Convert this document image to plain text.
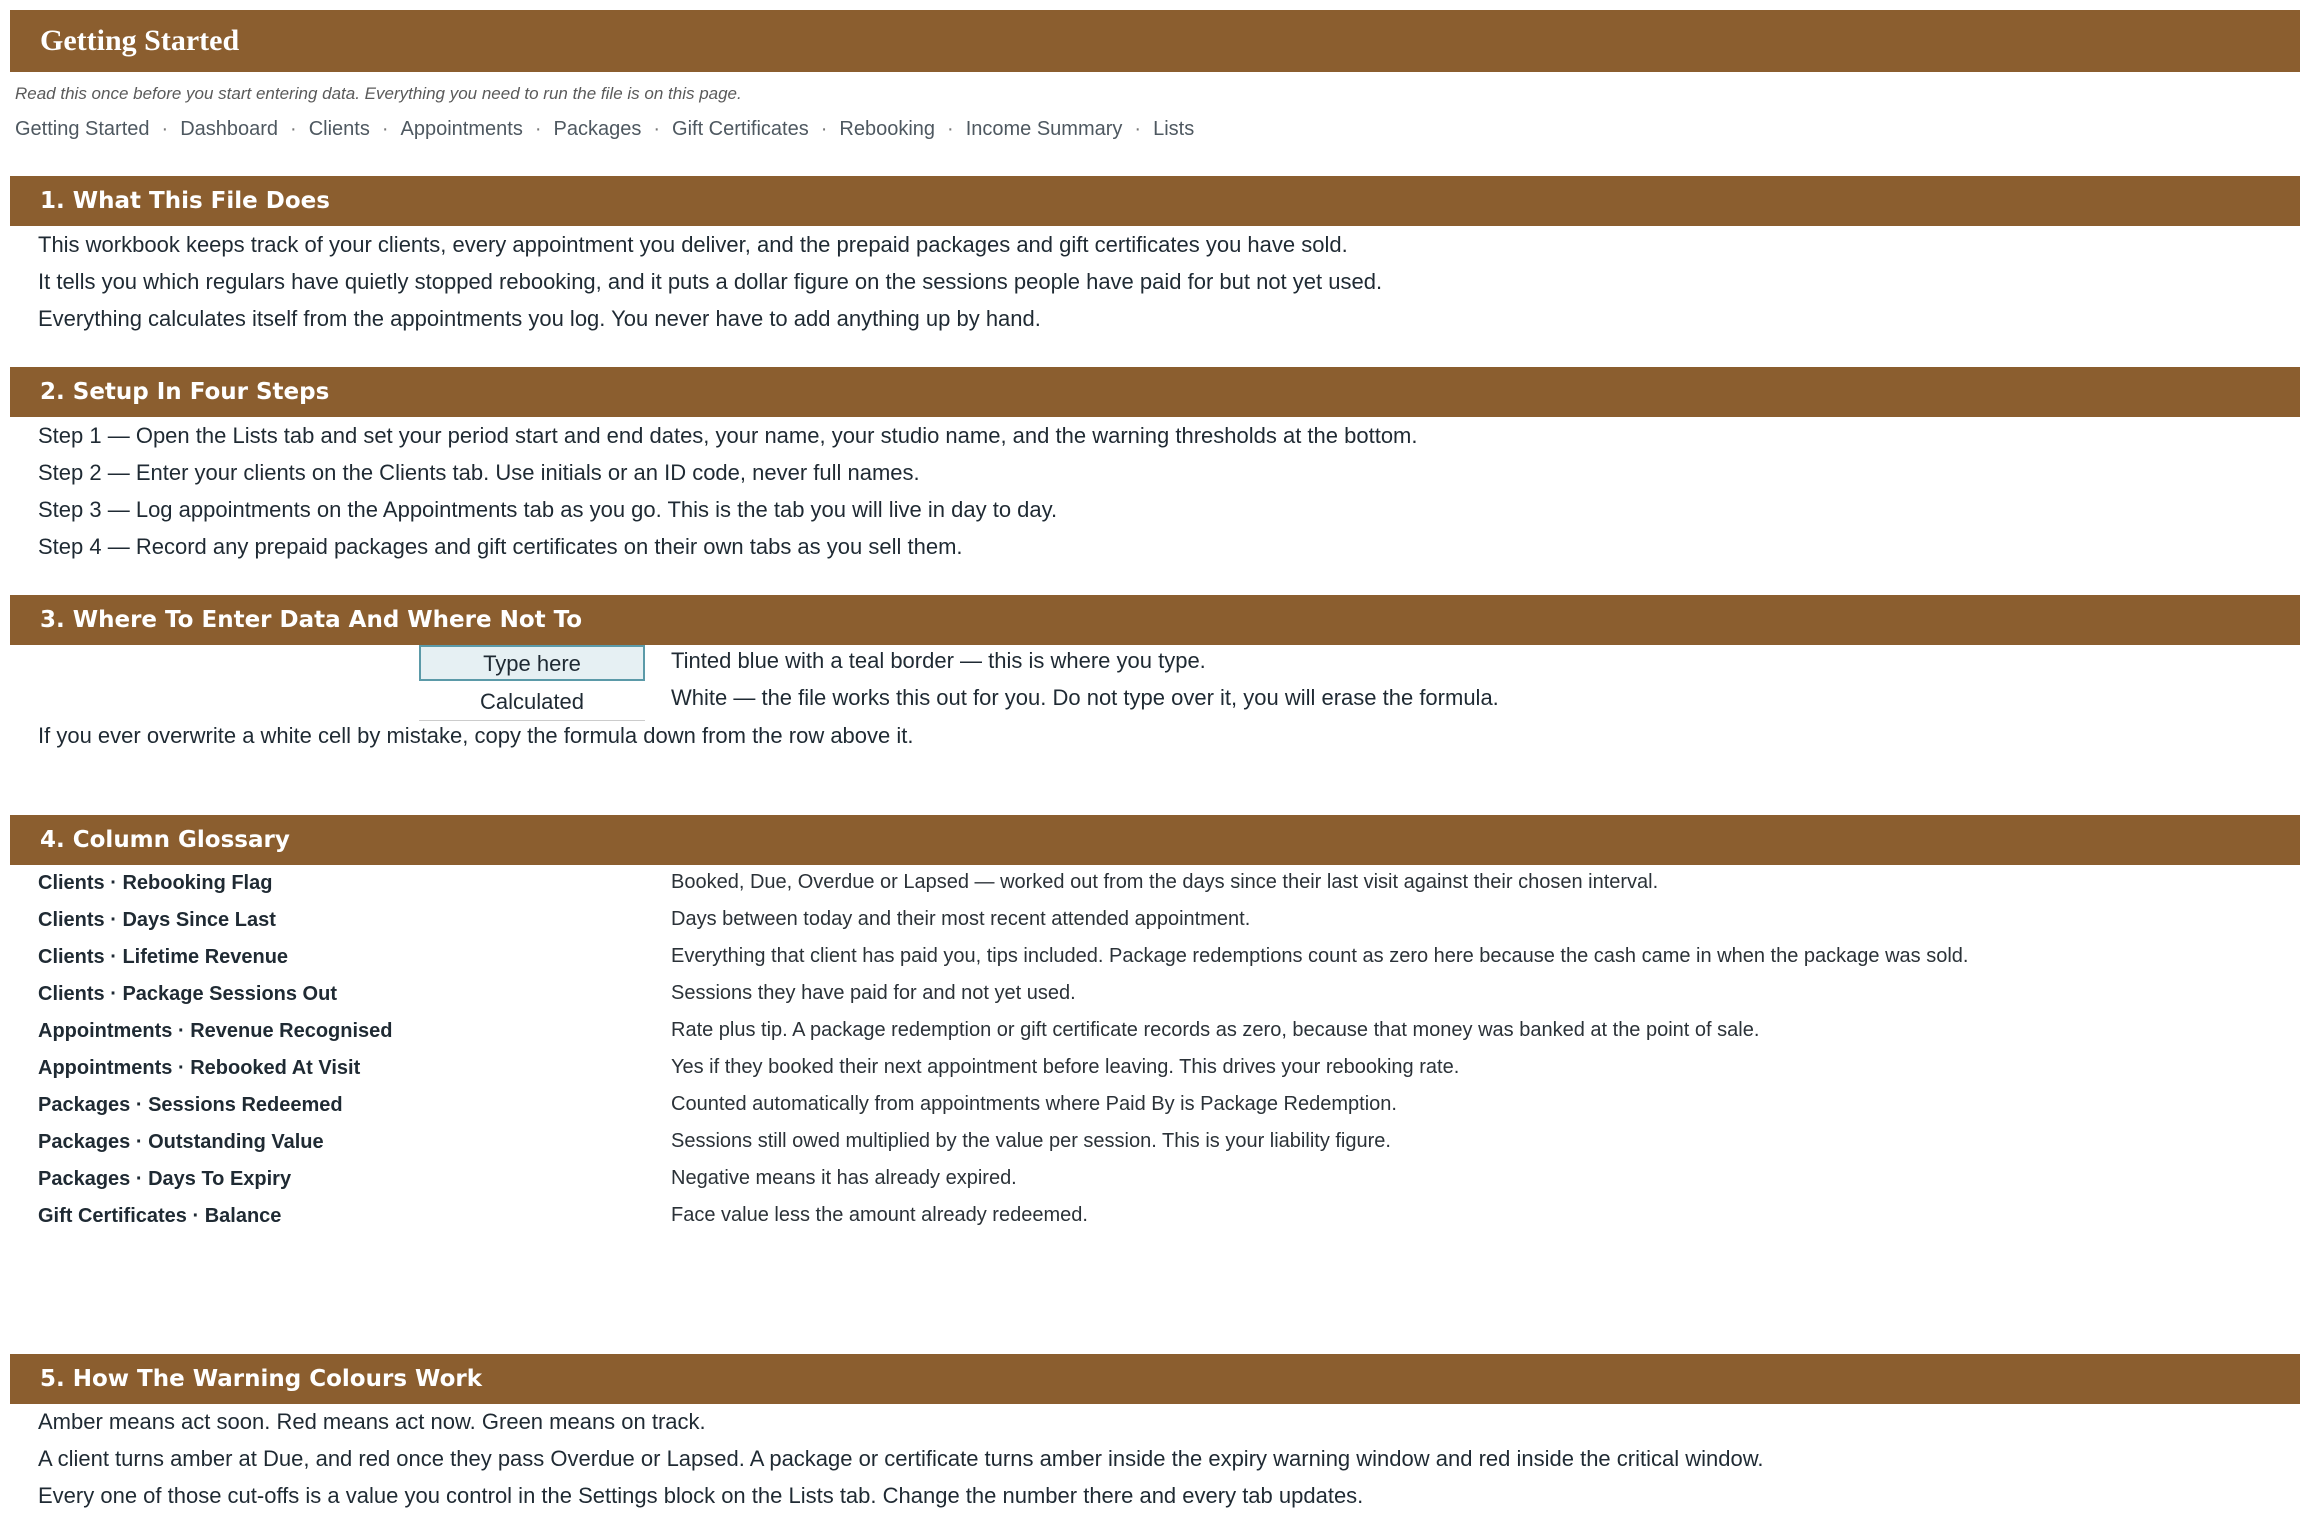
Getting Started
Read this once before you start entering data. Everything you need to run the file is on this page.
Getting Started · Dashboard · Clients · Appointments · Packages · Gift Certificates · Rebooking · Income Summary · Lists
1. What This File Does
This workbook keeps track of your clients, every appointment you deliver, and the prepaid packages and gift certificates you have sold.
It tells you which regulars have quietly stopped rebooking, and it puts a dollar figure on the sessions people have paid for but not yet used.
Everything calculates itself from the appointments you log. You never have to add anything up by hand.
2. Setup In Four Steps
Step 1 — Open the Lists tab and set your period start and end dates, your name, your studio name, and the warning thresholds at the bottom.
Step 2 — Enter your clients on the Clients tab. Use initials or an ID code, never full names.
Step 3 — Log appointments on the Appointments tab as you go. This is the tab you will live in day to day.
Step 4 — Record any prepaid packages and gift certificates on their own tabs as you sell them.
3. Where To Enter Data And Where Not To
Type here	Tinted blue with a teal border — this is where you type.
Calculated	White — the file works this out for you. Do not type over it, you will erase the formula.
If you ever overwrite a white cell by mistake, copy the formula down from the row above it.
4. Column Glossary
Clients · Rebooking Flag	Booked, Due, Overdue or Lapsed — worked out from the days since their last visit against their chosen interval.
Clients · Days Since Last	Days between today and their most recent attended appointment.
Clients · Lifetime Revenue	Everything that client has paid you, tips included. Package redemptions count as zero here because the cash came in when the package was sold.
Clients · Package Sessions Out	Sessions they have paid for and not yet used.
Appointments · Revenue Recognised	Rate plus tip. A package redemption or gift certificate records as zero, because that money was banked at the point of sale.
Appointments · Rebooked At Visit	Yes if they booked their next appointment before leaving. This drives your rebooking rate.
Packages · Sessions Redeemed	Counted automatically from appointments where Paid By is Package Redemption.
Packages · Outstanding Value	Sessions still owed multiplied by the value per session. This is your liability figure.
Packages · Days To Expiry	Negative means it has already expired.
Gift Certificates · Balance	Face value less the amount already redeemed.
5. How The Warning Colours Work
Amber means act soon. Red means act now. Green means on track.
A client turns amber at Due, and red once they pass Overdue or Lapsed. A package or certificate turns amber inside the expiry warning window and red inside the critical window.
Every one of those cut-offs is a value you control in the Settings block on the Lists tab. Change the number there and every tab updates.
